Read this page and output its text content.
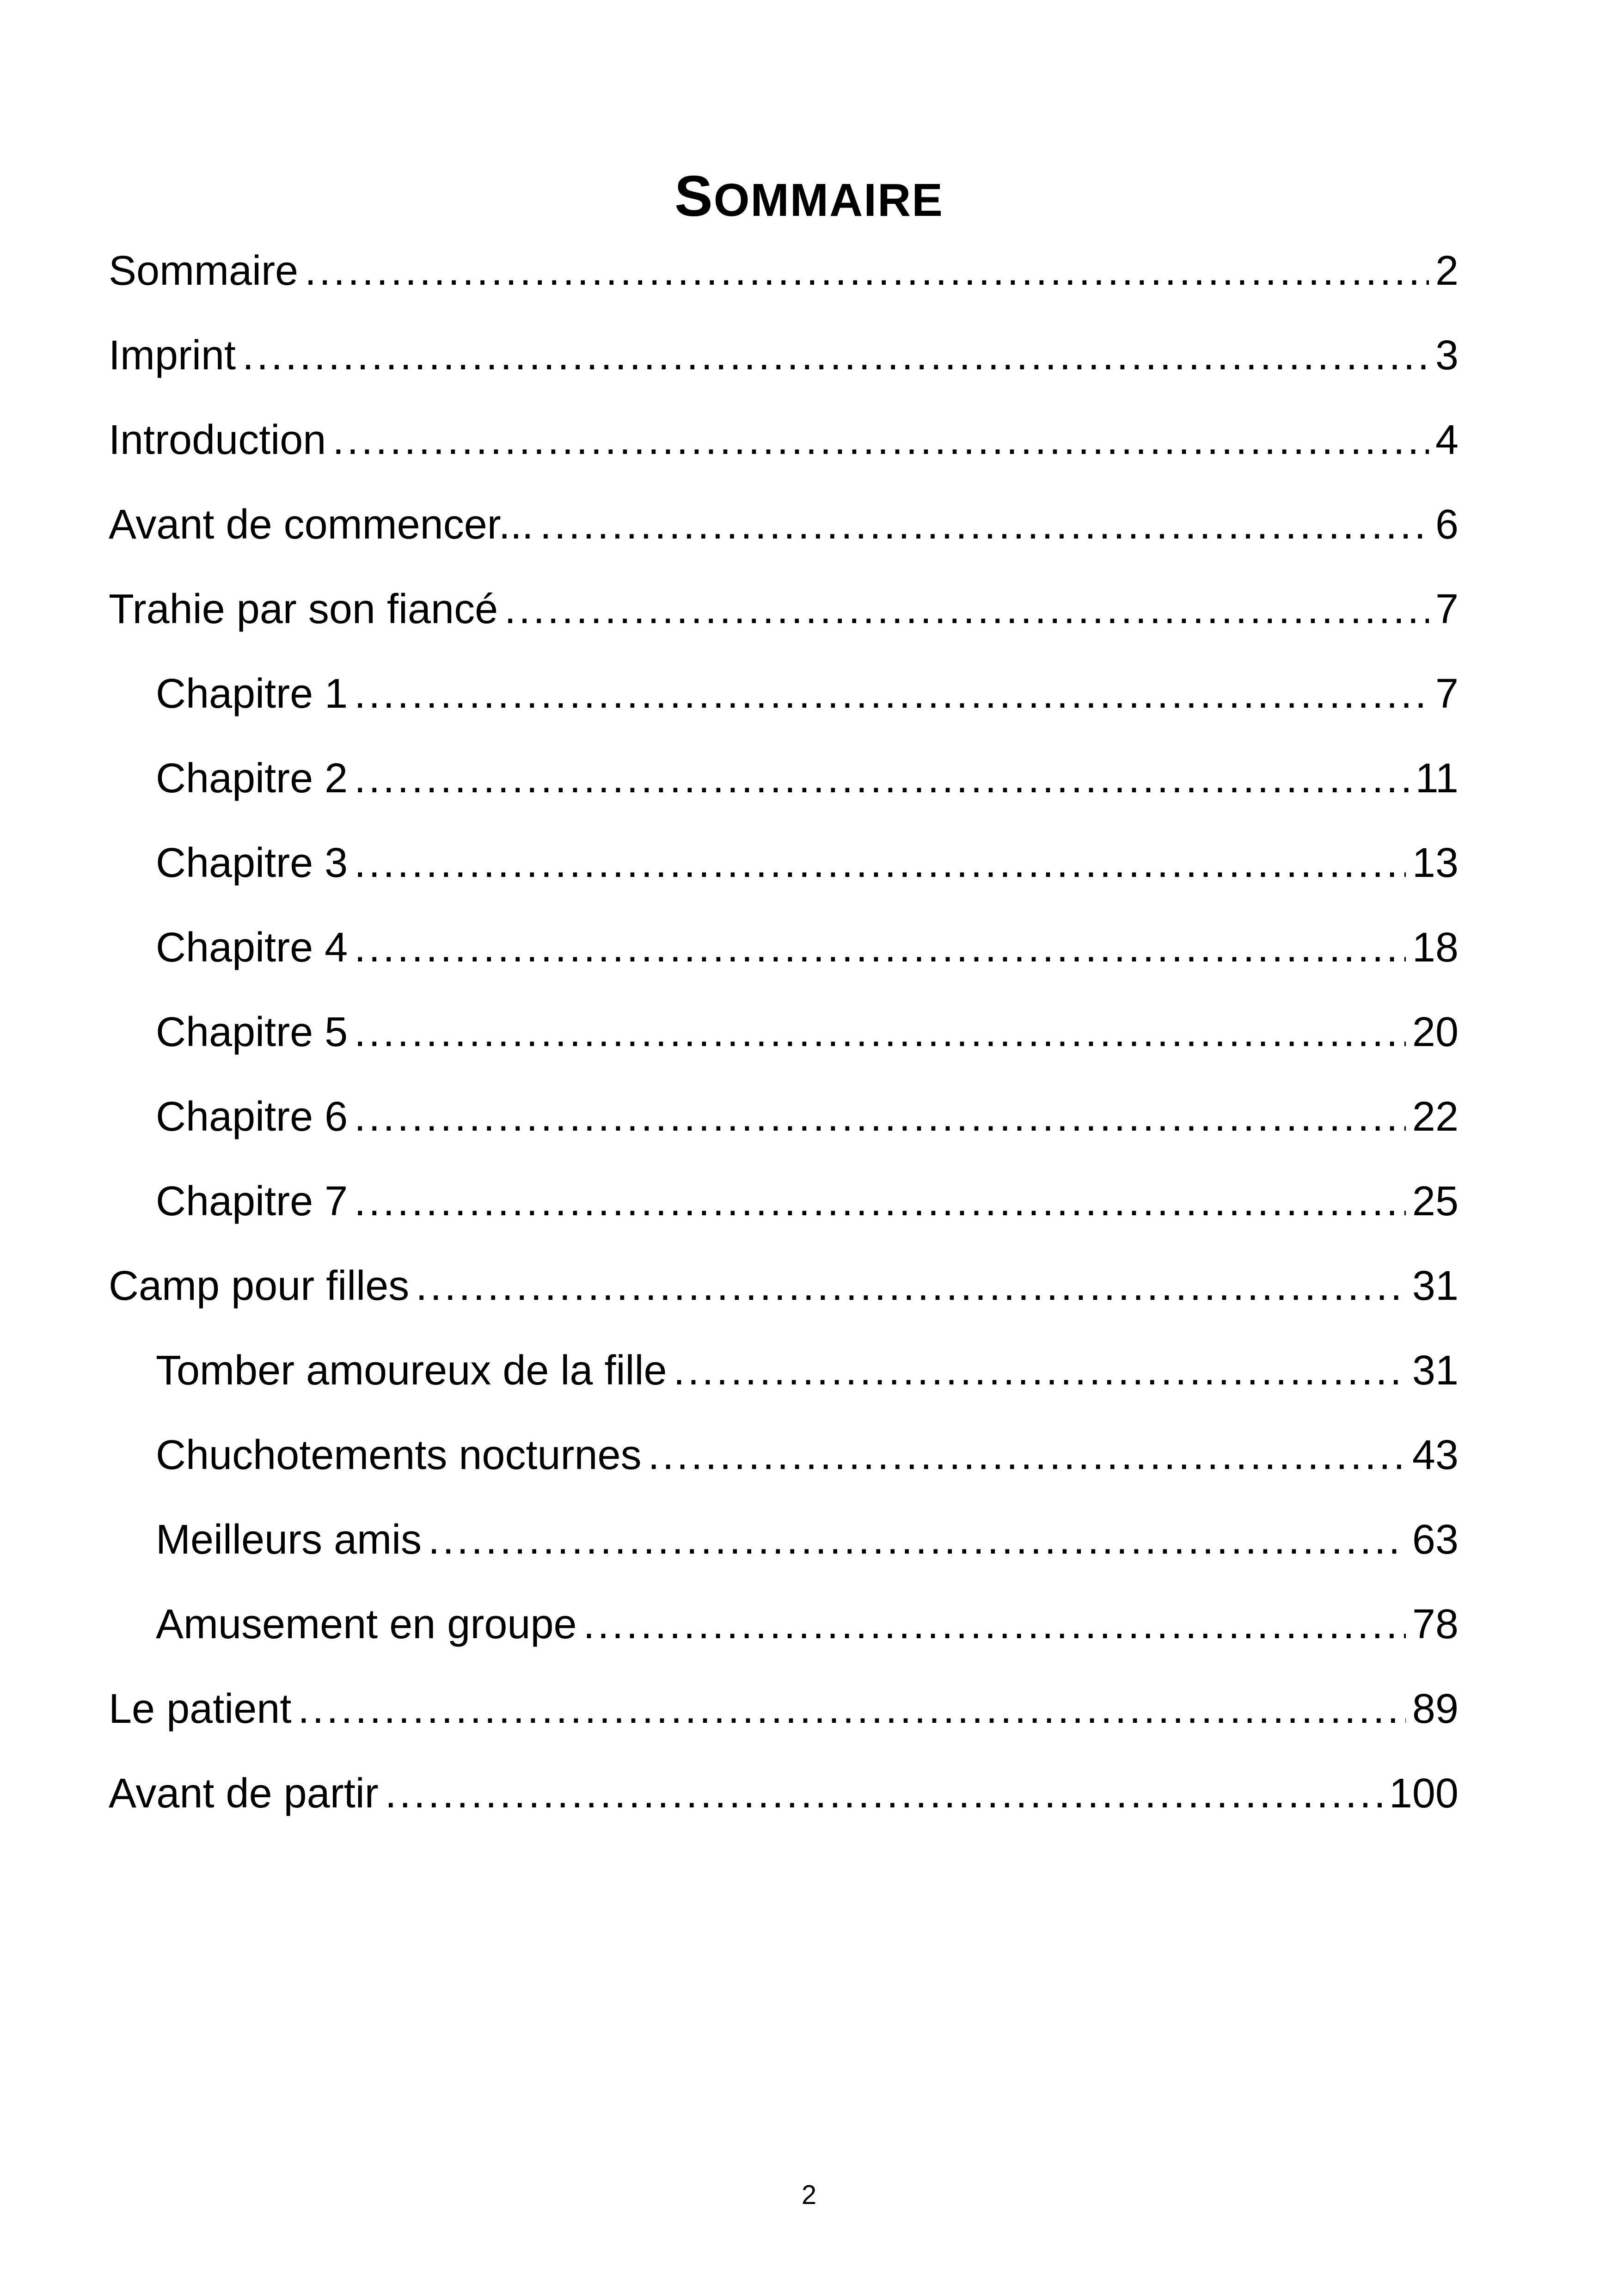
SOMMAIRE
Sommaire .....	2
Imprint .....	3
Introduction .....	4
Avant de commencer... .....	6
Trahie par son fiancé .....	7
Chapitre 1 .....	7
Chapitre 2 .....	11
Chapitre 3 .....	13
Chapitre 4 .....	18
Chapitre 5 .....	20
Chapitre 6 .....	22
Chapitre 7 .....	25
Camp pour filles .....	31
Tomber amoureux de la fille .....	31
Chuchotements nocturnes .....	43
Meilleurs amis .....	63
Amusement en groupe .....	78
Le patient .....	89
Avant de partir .....	100
2
